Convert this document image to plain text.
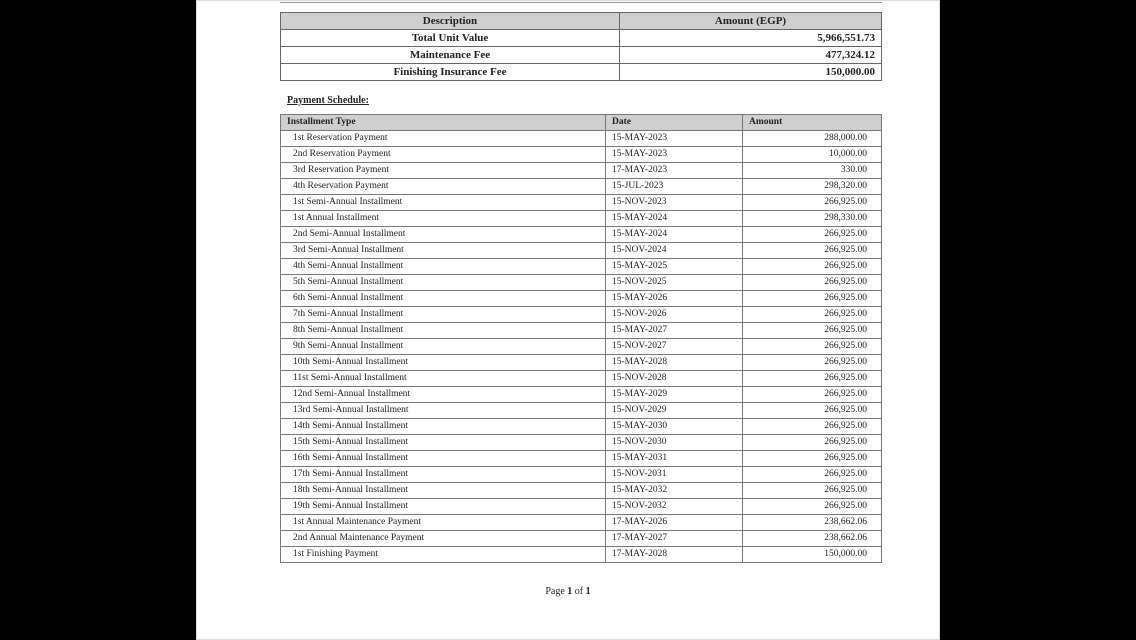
Description	Amount (EGP)
Total Unit Value	5,966,551.73
Maintenance Fee	477,324.12
Finishing Insurance Fee	150,000.00
Payment Schedule:
Installment Type	Date	Amount
1st Reservation Payment	15-MAY-2023	288,000.00
2nd Reservation Payment	15-MAY-2023	10,000.00
3rd Reservation Payment	17-MAY-2023	330.00
4th Reservation Payment	15-JUL-2023	298,320.00
1st Semi-Annual Installment	15-NOV-2023	266,925.00
1st Annual Installment	15-MAY-2024	298,330.00
2nd Semi-Annual Installment	15-MAY-2024	266,925.00
3rd Semi-Annual Installment	15-NOV-2024	266,925.00
4th Semi-Annual Installment	15-MAY-2025	266,925.00
5th Semi-Annual Installment	15-NOV-2025	266,925.00
6th Semi-Annual Installment	15-MAY-2026	266,925.00
7th Semi-Annual Installment	15-NOV-2026	266,925.00
8th Semi-Annual Installment	15-MAY-2027	266,925.00
9th Semi-Annual Installment	15-NOV-2027	266,925.00
10th Semi-Annual Installment	15-MAY-2028	266,925.00
11st Semi-Annual Installment	15-NOV-2028	266,925.00
12nd Semi-Annual Installment	15-MAY-2029	266,925.00
13rd Semi-Annual Installment	15-NOV-2029	266,925.00
14th Semi-Annual Installment	15-MAY-2030	266,925.00
15th Semi-Annual Installment	15-NOV-2030	266,925.00
16th Semi-Annual Installment	15-MAY-2031	266,925.00
17th Semi-Annual Installment	15-NOV-2031	266,925.00
18th Semi-Annual Installment	15-MAY-2032	266,925.00
19th Semi-Annual Installment	15-NOV-2032	266,925.00
1st Annual Maintenance Payment	17-MAY-2026	238,662.06
2nd Annual Maintenance Payment	17-MAY-2027	238,662.06
1st Finishing Payment	17-MAY-2028	150,000.00
Page 1 of 1
